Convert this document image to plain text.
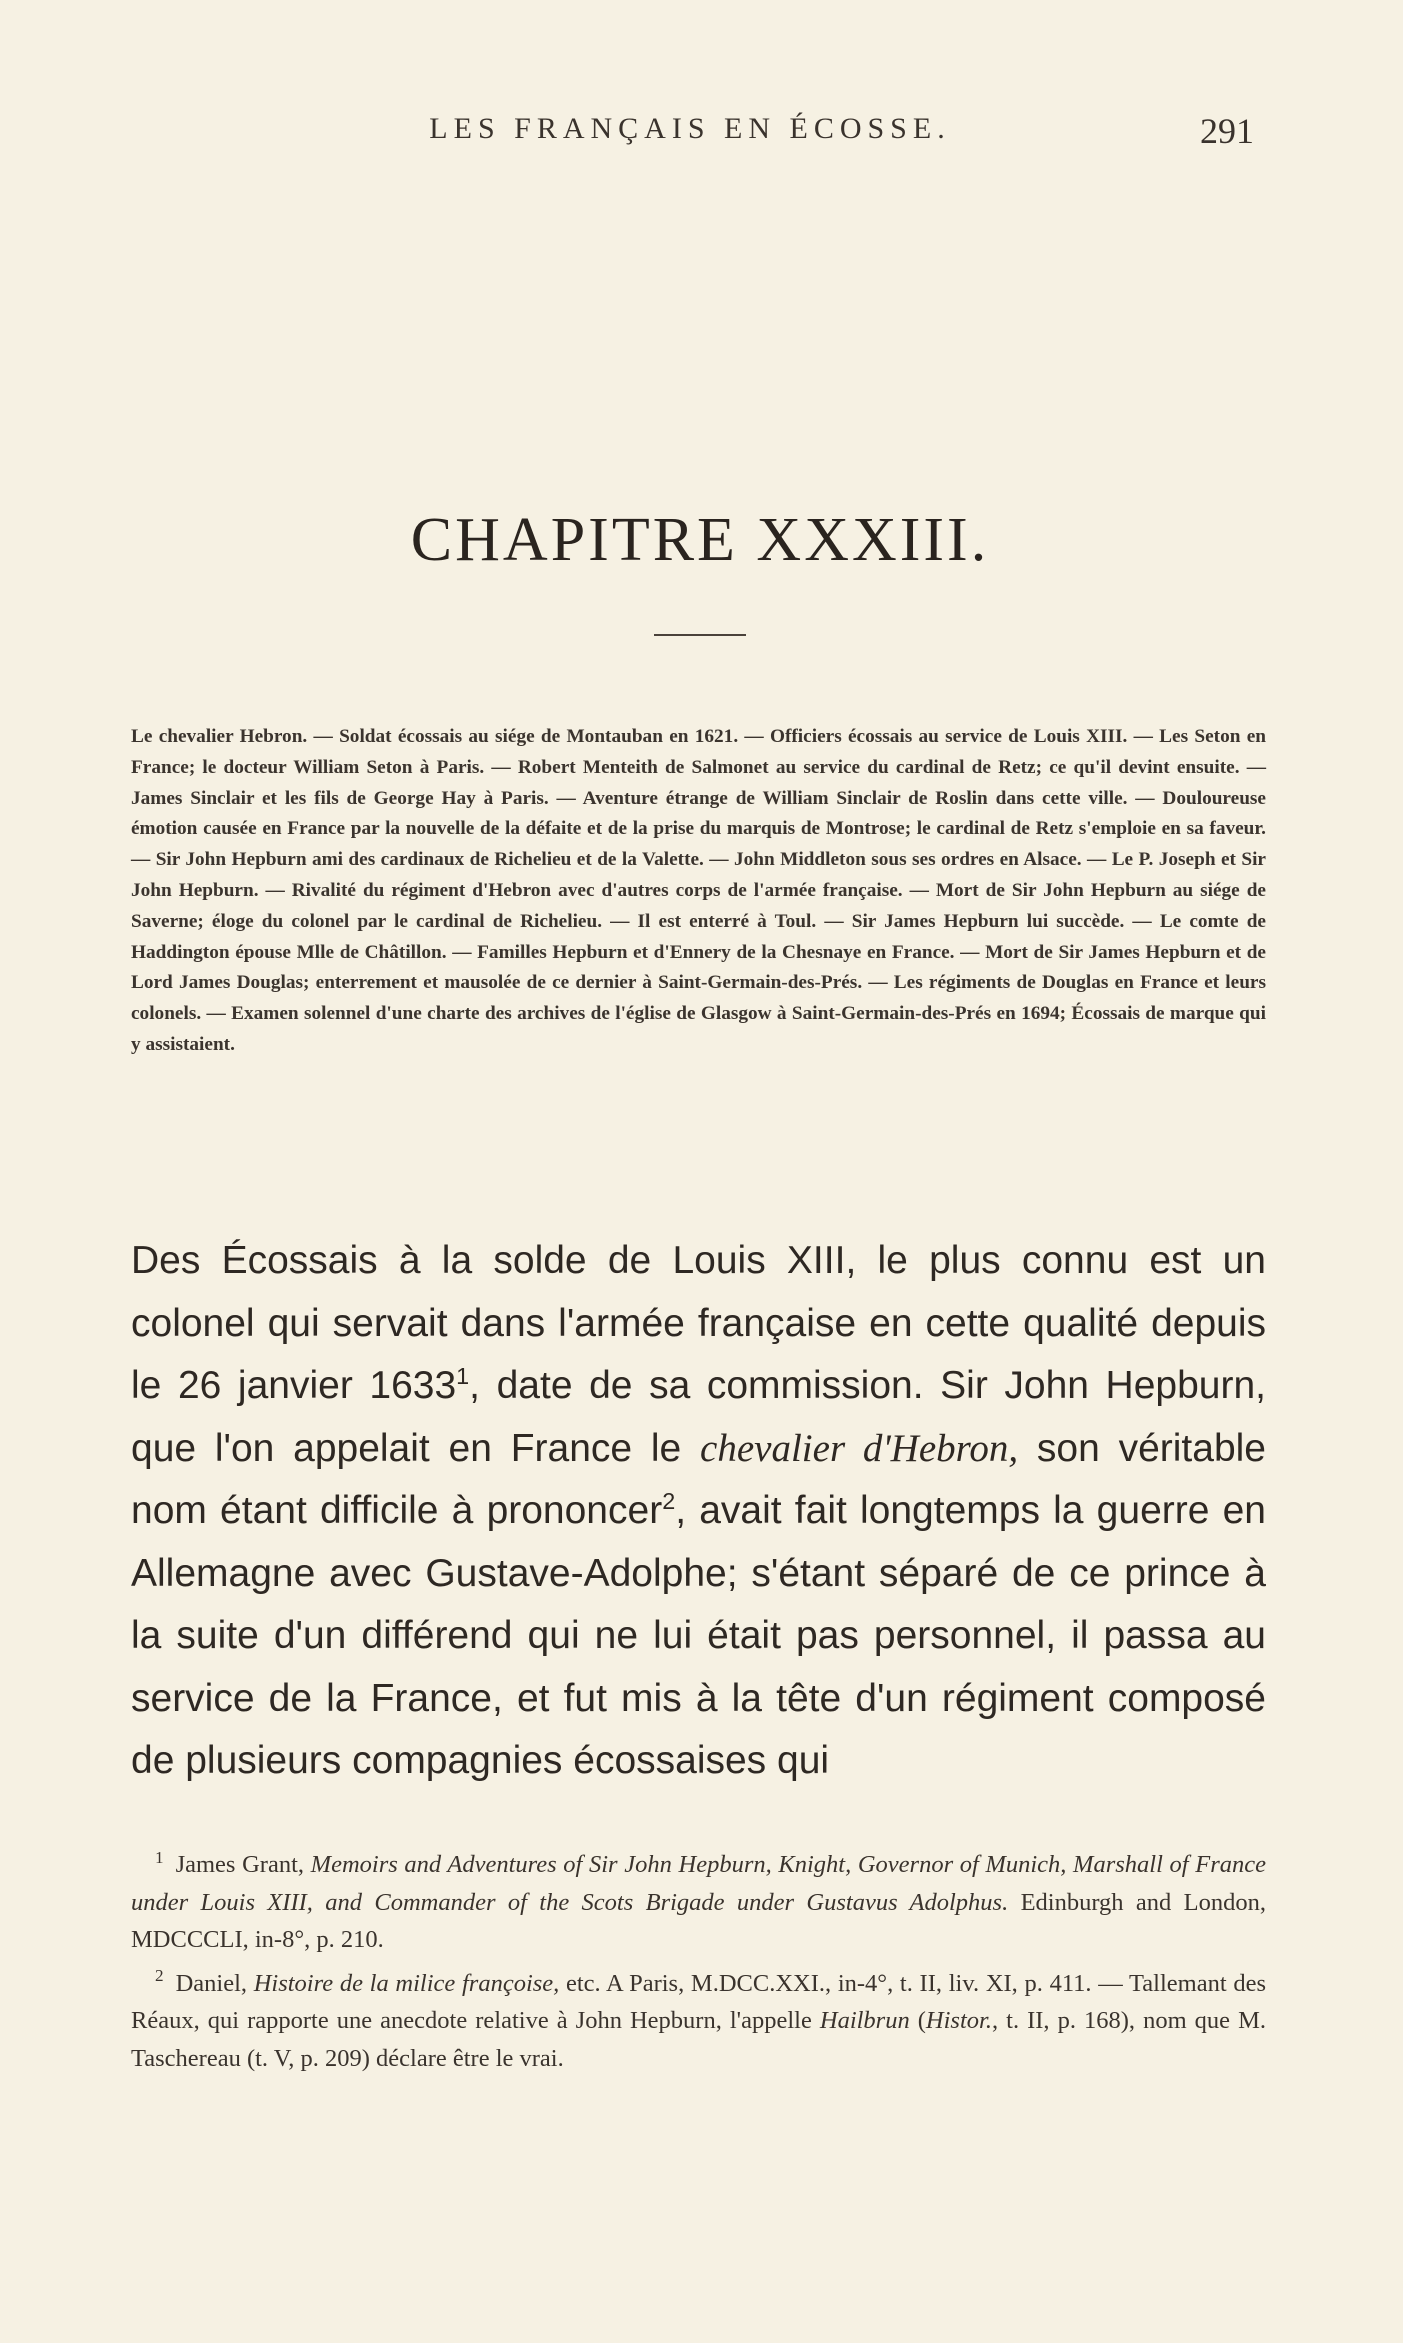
LES FRANÇAIS EN ÉCOSSE.	291
CHAPITRE XXXIII.
Le chevalier Hebron. — Soldat écossais au siége de Montauban en 1621. — Officiers écossais au service de Louis XIII. — Les Seton en France; le docteur William Seton à Paris. — Robert Menteith de Salmonet au service du cardinal de Retz; ce qu'il devint ensuite. — James Sinclair et les fils de George Hay à Paris. — Aventure étrange de William Sinclair de Roslin dans cette ville. — Douloureuse émotion causée en France par la nouvelle de la défaite et de la prise du marquis de Montrose; le cardinal de Retz s'emploie en sa faveur. — Sir John Hepburn ami des cardinaux de Richelieu et de la Valette. — John Middleton sous ses ordres en Alsace. — Le P. Joseph et Sir John Hepburn. — Rivalité du régiment d'Hebron avec d'autres corps de l'armée française. — Mort de Sir John Hepburn au siége de Saverne; éloge du colonel par le cardinal de Richelieu. — Il est enterré à Toul. — Sir James Hepburn lui succède. — Le comte de Haddington épouse Mlle de Châtillon. — Familles Hepburn et d'Ennery de la Chesnaye en France. — Mort de Sir James Hepburn et de Lord James Douglas; enterrement et mausolée de ce dernier à Saint-Germain-des-Prés. — Les régiments de Douglas en France et leurs colonels. — Examen solennel d'une charte des archives de l'église de Glasgow à Saint-Germain-des-Prés en 1694; Écossais de marque qui y assistaient.
Des Écossais à la solde de Louis XIII, le plus connu est un colonel qui servait dans l'armée française en cette qualité depuis le 26 janvier 1633$^1$, date de sa commission. Sir John Hepburn, que l'on appelait en France le chevalier d'Hebron, son véritable nom étant difficile à prononcer$^2$, avait fait longtemps la guerre en Allemagne avec Gustave-Adolphe; s'étant séparé de ce prince à la suite d'un différend qui ne lui était pas personnel, il passa au service de la France, et fut mis à la tête d'un régiment composé de plusieurs compagnies écossaises qui

$^1$ James Grant, Memoirs and Adventures of Sir John Hepburn, Knight, Governor of Munich, Marshall of France under Louis XIII, and Commander of the Scots Brigade under Gustavus Adolphus. Edinburgh and London, MDCCCLI, in-8°, p. 210.

$^2$ Daniel, Histoire de la milice françoise, etc. A Paris, M.DCC.XXI., in-4°, t. II, liv. XI, p. 411. — Tallemant des Réaux, qui rapporte une anecdote relative à John Hepburn, l'appelle Hailbrun (Histor., t. II, p. 168), nom que M. Taschereau (t. V, p. 209) déclare être le vrai.
